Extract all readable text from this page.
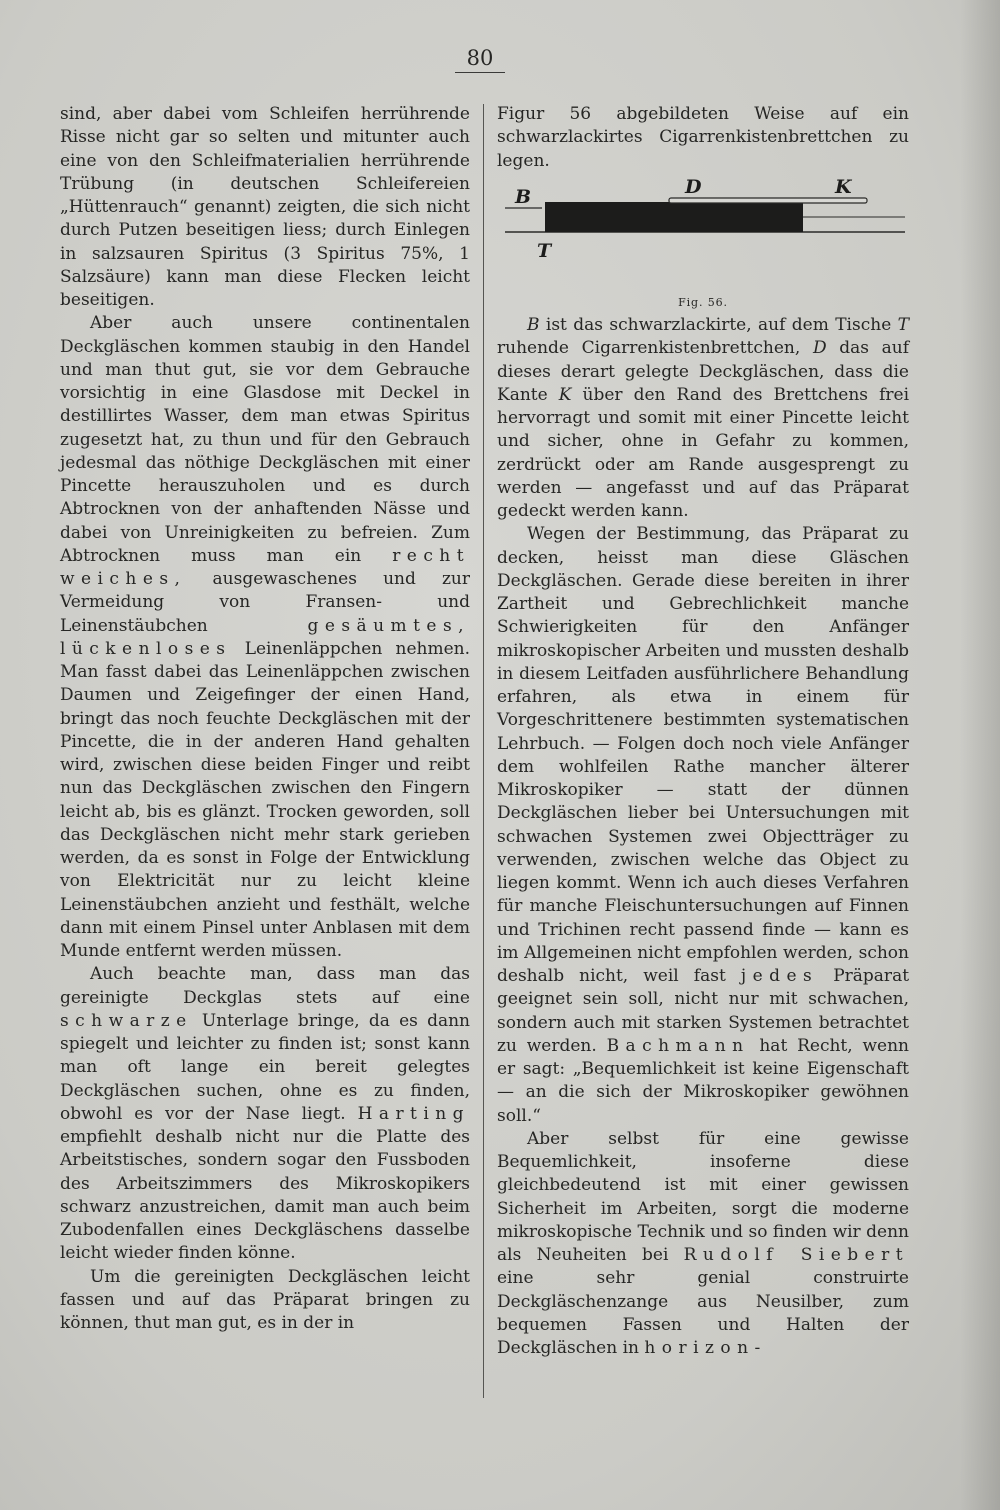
80

sind, aber dabei vom Schleifen herrührende Risse nicht gar so selten und mitunter auch eine von den Schleifmaterialien herrührende Trübung (in deutschen Schleifereien „Hüttenrauch“ genannt) zeigten, die sich nicht durch Putzen beseitigen liess; durch Einlegen in salzsauren Spiritus (3 Spiritus 75%, 1 Salzsäure) kann man diese Flecken leicht beseitigen.

Aber auch unsere continentalen Deckgläschen kommen staubig in den Handel und man thut gut, sie vor dem Gebrauche vorsichtig in eine Glasdose mit Deckel in destillirtes Wasser, dem man etwas Spiritus zugesetzt hat, zu thun und für den Gebrauch jedesmal das nöthige Deckgläschen mit einer Pincette herauszuholen und es durch Abtrocknen von der anhaftenden Nässe und dabei von Unreinigkeiten zu befreien. Zum Abtrocknen muss man ein recht weiches, ausgewaschenes und zur Vermeidung von Fransen- und Leinenstäubchen	gesäumtes, lückenloses Leinenläppchen nehmen. Man fasst dabei das Leinenläppchen zwischen Daumen und Zeigefinger der einen Hand, bringt das noch feuchte Deckgläschen mit der Pincette, die in der anderen Hand gehalten wird, zwischen diese beiden Finger und reibt nun das Deckgläschen zwischen den Fingern leicht ab, bis es glänzt. Trocken geworden, soll das Deckgläschen nicht mehr stark gerieben werden, da es sonst in Folge der Entwicklung von Elektricität nur zu leicht kleine Leinenstäubchen anzieht und festhält, welche dann mit einem Pinsel unter Anblasen mit dem Munde entfernt werden müssen.

Auch beachte man, dass man das gereinigte Deckglas stets auf eine schwarze Unterlage bringe, da es dann spiegelt und leichter zu finden ist; sonst kann man oft lange ein bereit gelegtes Deckgläschen suchen, ohne es zu finden, obwohl es vor der Nase liegt. Harting empfiehlt deshalb nicht nur die Platte des Arbeitstisches, sondern sogar den Fussboden des Arbeitszimmers des Mikroskopikers schwarz anzustreichen, damit man auch beim Zubodenfallen eines Deckgläschens dasselbe leicht wieder finden könne.

Um die gereinigten Deckgläschen leicht fassen und auf das Präparat bringen zu können, thut man gut, es in der in

Figur 56 abgebildeten Weise auf ein schwarzlackirtes Cigarrenkistenbrettchen zu legen.

B	D	K
T

Fig. 56.

B ist das schwarzlackirte, auf dem Tische T ruhende Cigarrenkistenbrettchen, D das auf dieses derart gelegte Deckgläschen, dass die Kante K über den Rand des Brettchens frei hervorragt und somit mit einer Pincette leicht und sicher, ohne in Gefahr zu kommen, zerdrückt oder am Rande ausgesprengt zu werden — angefasst und auf das Präparat gedeckt werden kann.

Wegen der Bestimmung, das Präparat zu decken, heisst man diese Gläschen Deckgläschen. Gerade diese bereiten in ihrer Zartheit und Gebrechlichkeit manche Schwierigkeiten für den Anfänger mikroskopischer Arbeiten und mussten deshalb in diesem Leitfaden ausführlichere Behandlung erfahren, als etwa in einem für Vorgeschrittenere bestimmten systematischen Lehrbuch. — Folgen doch noch viele Anfänger dem wohlfeilen Rathe mancher älterer Mikroskopiker — statt der dünnen Deckgläschen lieber bei Untersuchungen mit schwachen Systemen zwei Objectträger zu verwenden, zwischen welche das Object zu liegen kommt. Wenn ich auch dieses Verfahren für manche Fleischuntersuchungen auf Finnen und Trichinen recht passend finde — kann es im Allgemeinen nicht empfohlen werden, schon deshalb nicht, weil fast jedes Präparat geeignet sein soll, nicht nur mit schwachen, sondern auch mit starken Systemen betrachtet zu werden. Bachmann hat Recht, wenn er sagt: „Bequemlichkeit ist keine Eigenschaft — an die sich der Mikroskopiker gewöhnen soll.“

Aber selbst für eine gewisse Bequemlichkeit, insoferne diese gleichbedeutend ist mit einer gewissen Sicherheit im Arbeiten, sorgt die moderne mikroskopische Technik und so finden wir denn als Neuheiten bei Rudolf Siebert eine sehr genial construirte Deckgläschenzange aus Neusilber, zum bequemen Fassen und Halten der Deckgläschen in horizon-
